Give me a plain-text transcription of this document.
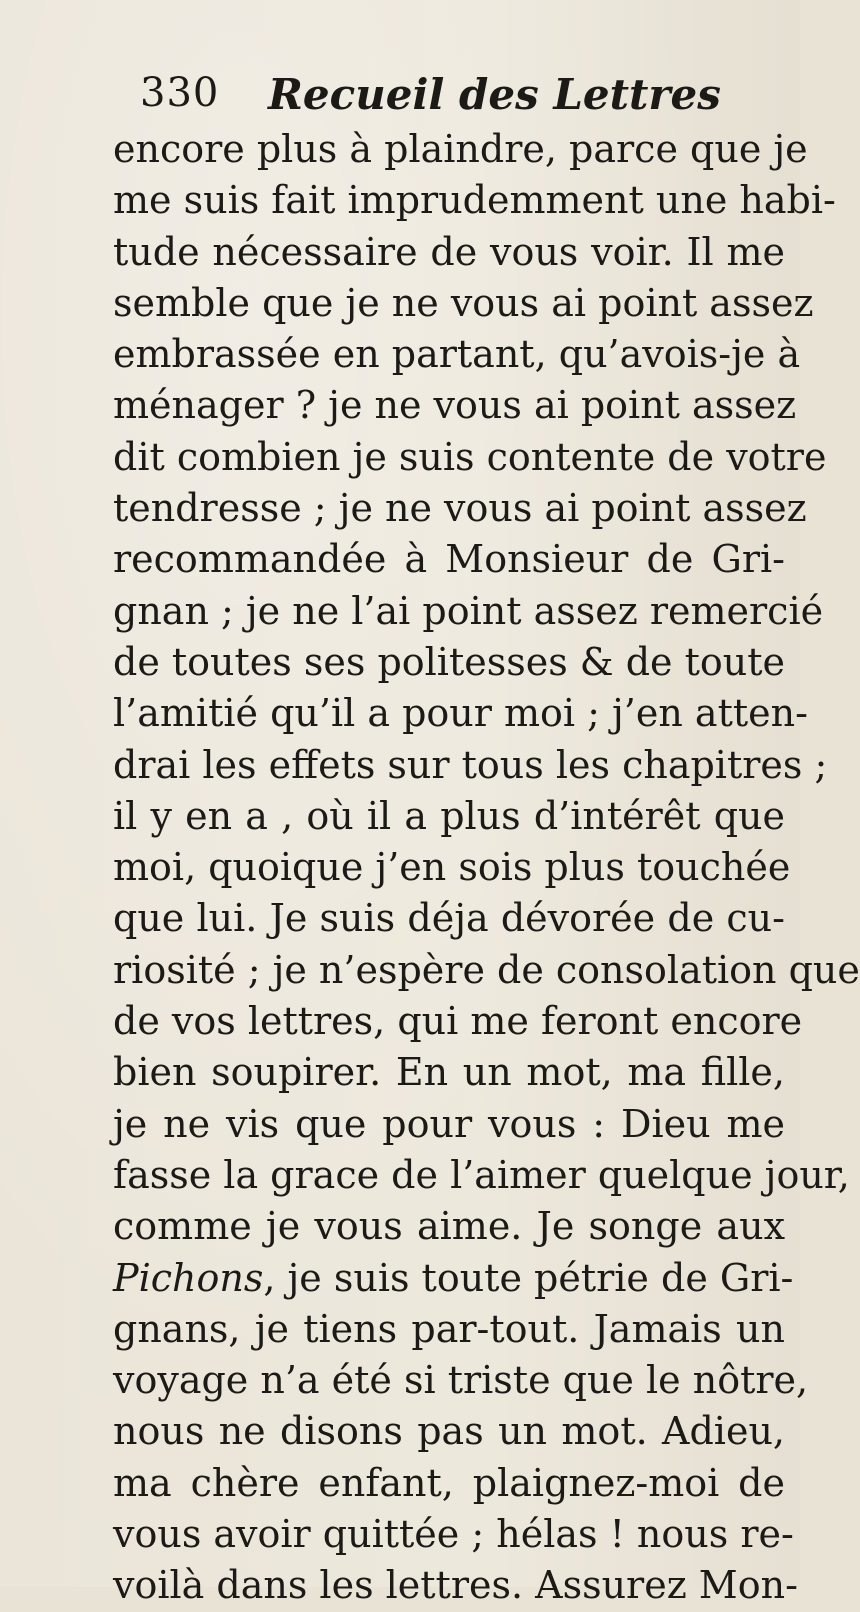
330 Recueil des Lettres
encore plus à plaindre, parce que je
me suis fait imprudemment une habi-
tude nécessaire de vous voir. Il me
semble que je ne vous ai point assez
embrassée en partant, qu’avois-je à
ménager ? je ne vous ai point assez
dit combien je suis contente de votre
tendresse ; je ne vous ai point assez
recommandée à Monsieur de Gri-
gnan ; je ne l’ai point assez remercié
de toutes ses politesses & de toute
l’amitié qu’il a pour moi ; j’en atten-
drai les effets sur tous les chapitres ;
il y en a , où il a plus d’intérêt que
moi, quoique j’en sois plus touchée
que lui. Je suis déja dévorée de cu-
riosité ; je n’espère de consolation que
de vos lettres, qui me feront encore
bien soupirer. En un mot, ma fille,
je ne vis que pour vous : Dieu me
fasse la grace de l’aimer quelque jour,
comme je vous aime. Je songe aux
Pichons, je suis toute pétrie de Gri-
gnans, je tiens par-tout. Jamais un
voyage n’a été si triste que le nôtre,
nous ne disons pas un mot. Adieu,
ma chère enfant, plaignez-moi de
vous avoir quittée ; hélas ! nous re-
voilà dans les lettres. Assurez Mon-
